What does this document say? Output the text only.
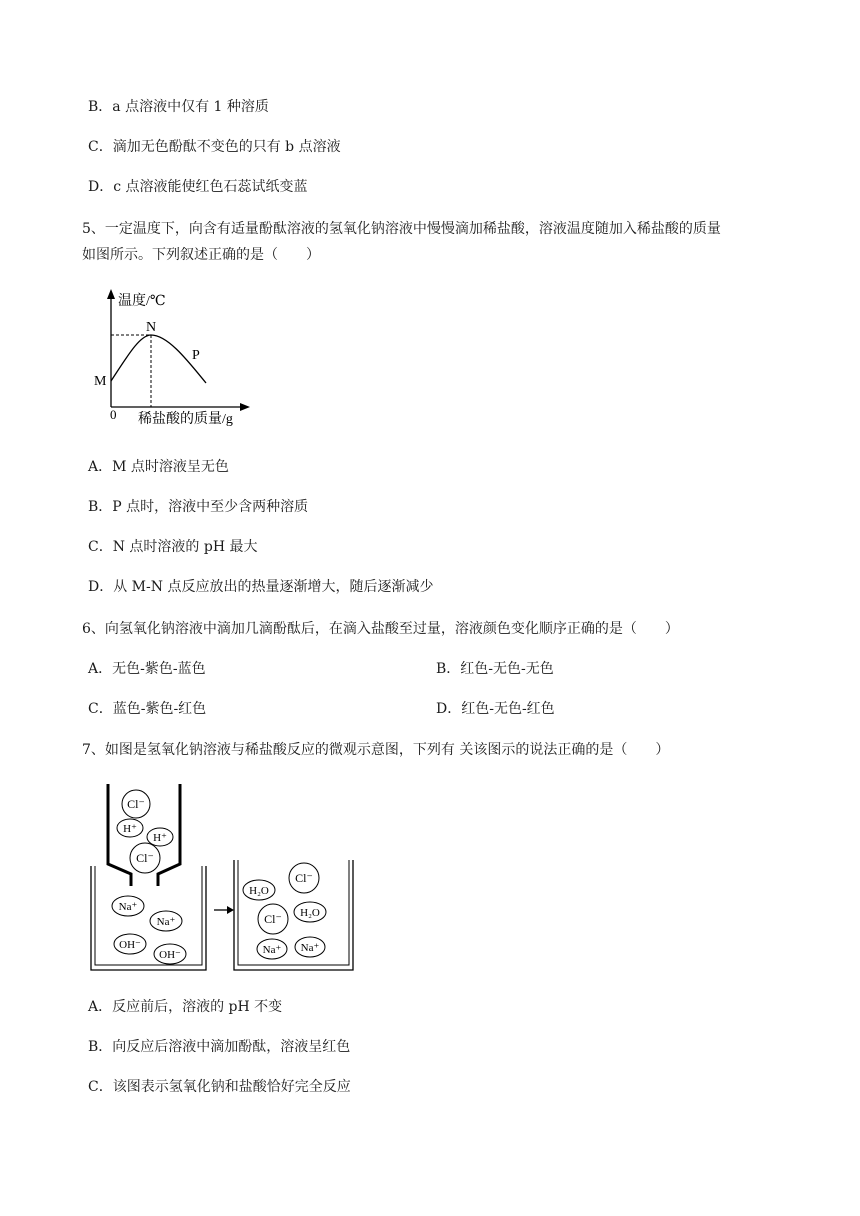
B．a 点溶液中仅有 1 种溶质
C．滴加无色酚酞不变色的只有 b 点溶液
D．c 点溶液能使红色石蕊试纸变蓝
5、一定温度下，向含有适量酚酞溶液的氢氧化钠溶液中慢慢滴加稀盐酸，溶液温度随加入稀盐酸的质量
如图所示。下列叙述正确的是（　　）
温度/℃
稀盐酸的质量/g
0
M
N
P
A．M 点时溶液呈无色
B．P 点时，溶液中至少含两种溶质
C．N 点时溶液的 pH 最大
D．从 M-N 点反应放出的热量逐渐增大，随后逐渐减少
6、向氢氧化钠溶液中滴加几滴酚酞后，在滴入盐酸至过量，溶液颜色变化顺序正确的是（　　）
A．无色-紫色-蓝色	B．红色-无色-无色
C．蓝色-紫色-红色	D．红色-无色-红色
7、如图是氢氧化钠溶液与稀盐酸反应的微观示意图，下列有 关该图示的说法正确的是（　　）
Cl⁻
H⁺
H⁺
Cl⁻
Na⁺
Na⁺
OH⁻
OH⁻
H₂O
Cl⁻
Cl⁻ H₂O
Na⁺ Na⁺
A．反应前后，溶液的 pH 不变
B．向反应后溶液中滴加酚酞，溶液呈红色
C．该图表示氢氧化钠和盐酸恰好完全反应
